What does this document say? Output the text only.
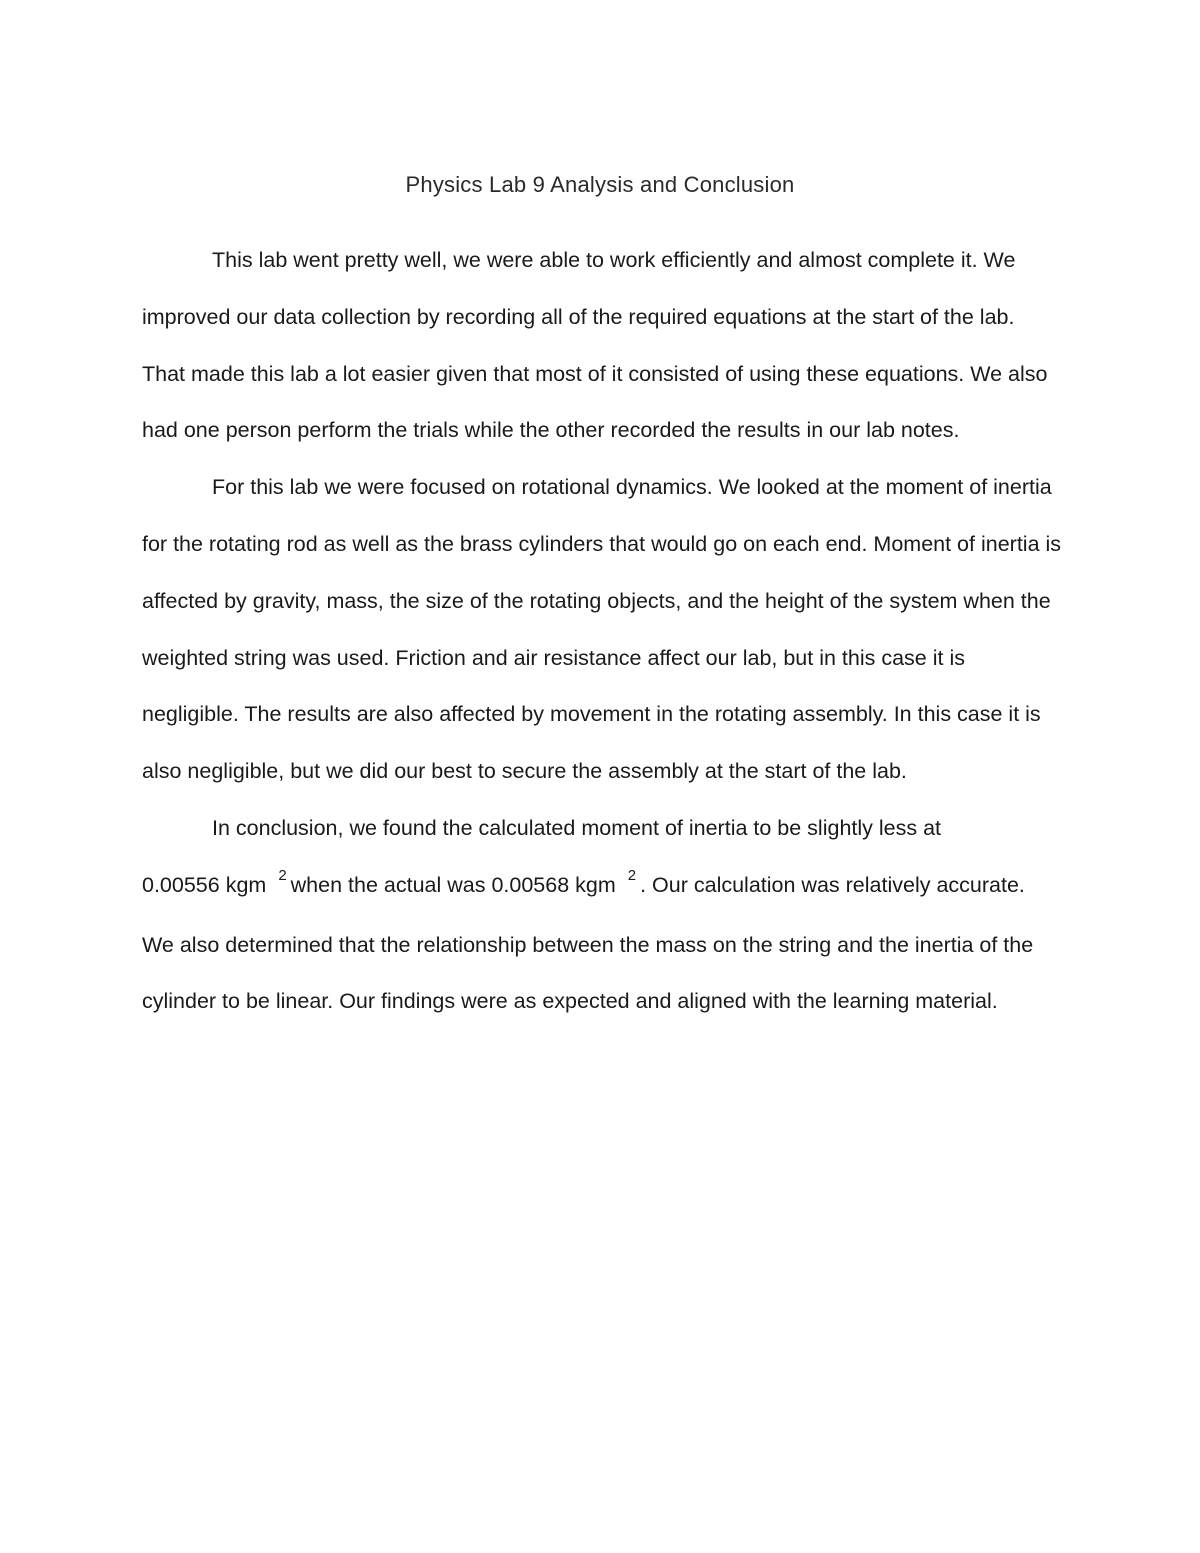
Physics Lab 9 Analysis and Conclusion

This lab went pretty well, we were able to work efficiently and almost complete it. We improved our data collection by recording all of the required equations at the start of the lab. That made this lab a lot easier given that most of it consisted of using these equations. We also had one person perform the trials while the other recorded the results in our lab notes.

For this lab we were focused on rotational dynamics. We looked at the moment of inertia for the rotating rod as well as the brass cylinders that would go on each end. Moment of inertia is affected by gravity, mass, the size of the rotating objects, and the height of the system when the weighted string was used. Friction and air resistance affect our lab, but in this case it is negligible. The results are also affected by movement in the rotating assembly. In this case it is also negligible, but we did our best to secure the assembly at the start of the lab.

In conclusion, we found the calculated moment of inertia to be slightly less at 0.00556 kgm $^2$ when the actual was 0.00568 kgm $^2$ . Our calculation was relatively accurate. We also determined that the relationship between the mass on the string and the inertia of the cylinder to be linear. Our findings were as expected and aligned with the learning material.
